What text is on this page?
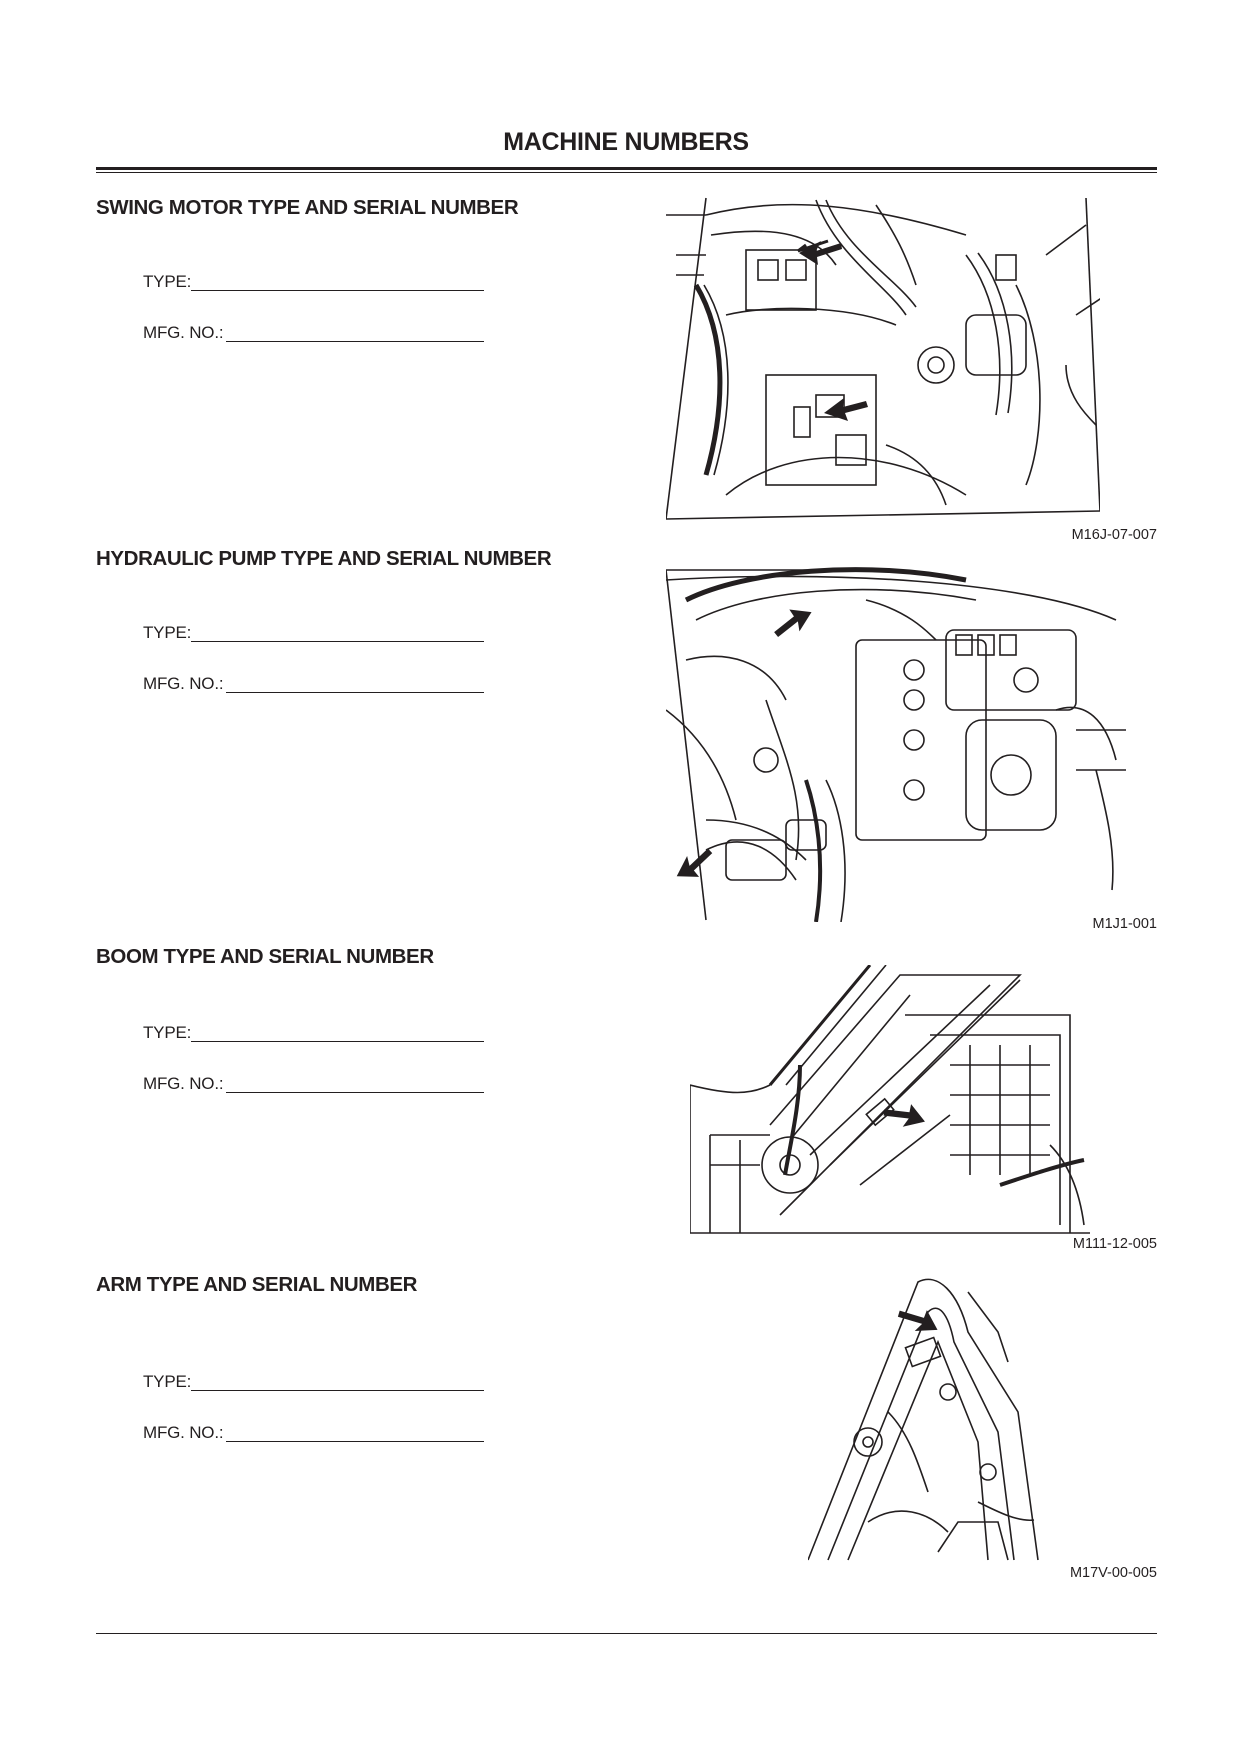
MACHINE NUMBERS
SWING MOTOR TYPE AND SERIAL NUMBER
TYPE:
MFG. NO.:
M16J-07-007
HYDRAULIC PUMP TYPE AND SERIAL NUMBER
TYPE:
MFG. NO.:
M1J1-001
BOOM TYPE AND SERIAL NUMBER
TYPE:
MFG. NO.:
M111-12-005
ARM TYPE AND SERIAL NUMBER
TYPE:
MFG. NO.:
M17V-00-005
